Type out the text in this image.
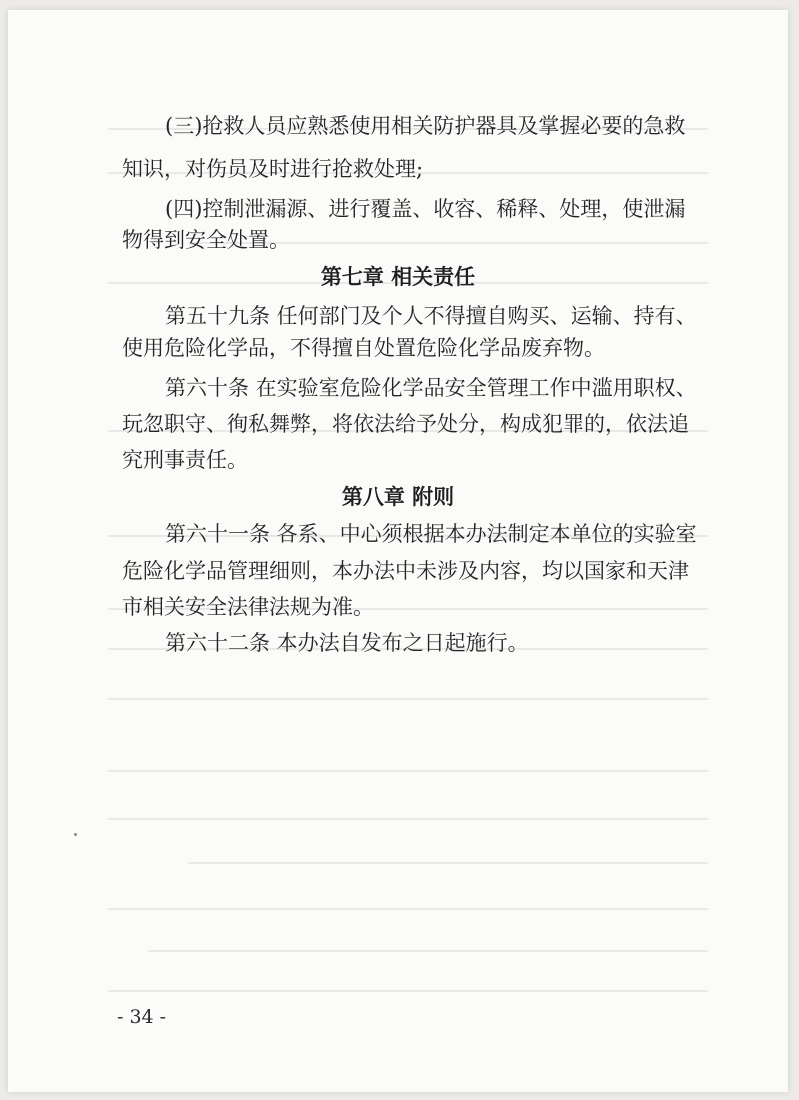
(三)抢救人员应熟悉使用相关防护器具及掌握必要的急救
知识，对伤员及时进行抢救处理;
(四)控制泄漏源、进行覆盖、收容、稀释、处理，使泄漏
物得到安全处置。
第七章 相关责任
第五十九条 任何部门及个人不得擅自购买、运输、持有、
使用危险化学品，不得擅自处置危险化学品废弃物。
第六十条 在实验室危险化学品安全管理工作中滥用职权、
玩忽职守、徇私舞弊，将依法给予处分，构成犯罪的，依法追
究刑事责任。
第八章 附则
第六十一条 各系、中心须根据本办法制定本单位的实验室
危险化学品管理细则，本办法中未涉及内容，均以国家和天津
市相关安全法律法规为准。
第六十二条 本办法自发布之日起施行。
- 34 -
